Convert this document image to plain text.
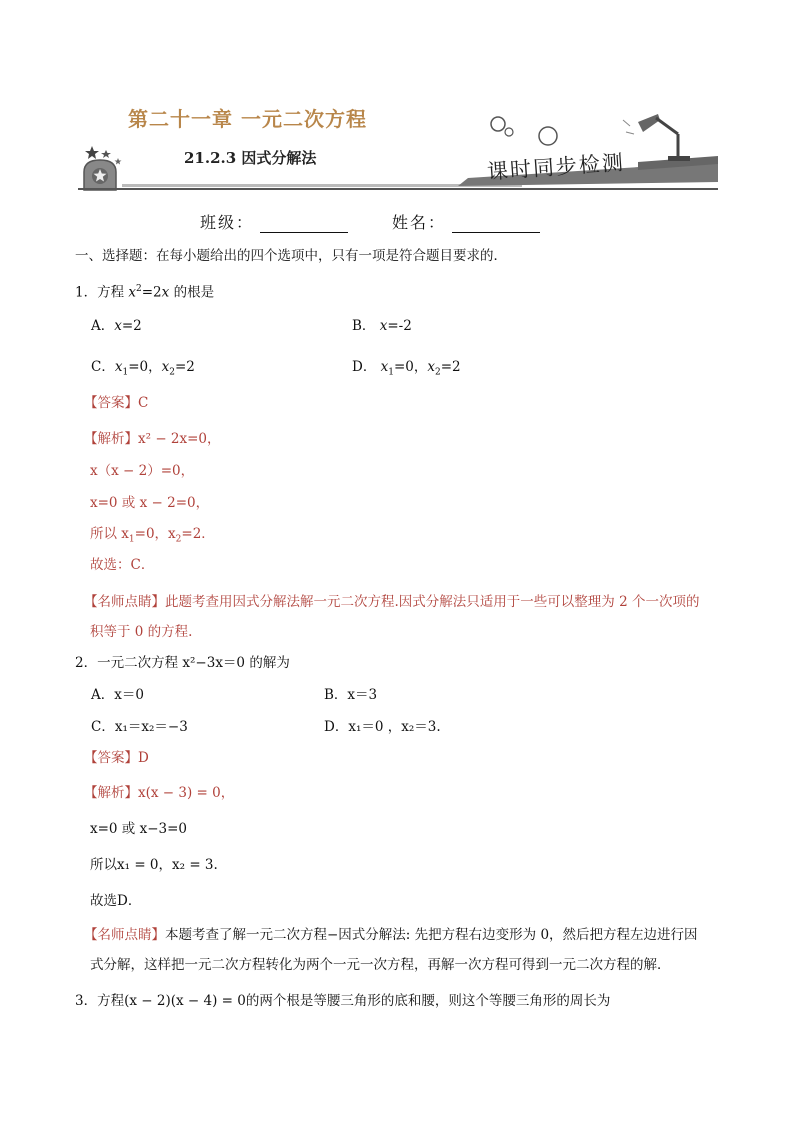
第二十一章 一元二次方程
21.2.3 因式分解法	课时同步检测
班级：	姓名：
一、选择题：在每小题给出的四个选项中，只有一项是符合题目要求的．
1．方程 $x^2=2x$ 的根是
A．x=2	B． x=-2
C．$x_1=0$，$x_2=2$	D． $x_1=0$，$x_2=2$
【答案】C
【解析】x² − 2x=0，
x（x − 2）=0，
x=0 或 x − 2=0，
所以 $x_1=0$，$x_2=2$．
故选：C．
【名师点睛】此题考查用因式分解法解一元二次方程.因式分解法只适用于一些可以整理为 2 个一次项的
积等于 0 的方程.
2．一元二次方程 x²−3x＝0 的解为
A．x＝0	B．x＝3
C．x₁＝x₂＝−3	D．x₁＝0 ，x₂＝3.
【答案】D
【解析】x(x − 3) = 0，
x=0 或 x−3=0
所以x₁ = 0，x₂ = 3.
故选D．
【名师点睛】本题考查了解一元二次方程−因式分解法: 先把方程右边变形为 0，然后把方程左边进行因
式分解，这样把一元二次方程转化为两个一元一次方程，再解一次方程可得到一元二次方程的解．
3．方程(x − 2)(x − 4) = 0的两个根是等腰三角形的底和腰，则这个等腰三角形的周长为
